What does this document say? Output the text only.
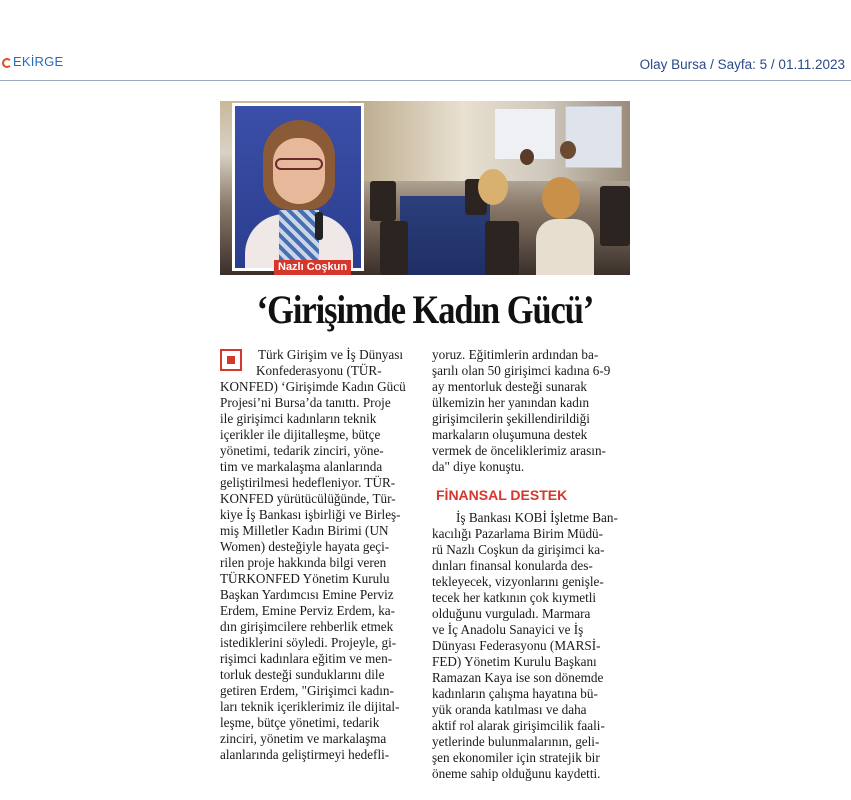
EKİRGE	Olay Bursa / Sayfa: 5 / 01.11.2023
Nazlı Coşkun
‘Girişimde Kadın Gücü’

Türk Girişim ve İş Dünyası

Konfederasyonu (TÜR-

KONFED) ‘Girişimde Kadın Gücü

Projesi’ni Bursa’da tanıttı. Proje

ile girişimci kadınların teknik

içerikler ile dijitalleşme, bütçe

yönetimi, tedarik zinciri, yöne-

tim ve markalaşma alanlarında

geliştirilmesi hedefleniyor. TÜR-

KONFED yürütücülüğünde, Tür-

kiye İş Bankası işbirliği ve Birleş-

miş Milletler Kadın Birimi (UN

Women) desteğiyle hayata geçi-

rilen proje hakkında bilgi veren

TÜRKONFED Yönetim Kurulu

Başkan Yardımcısı Emine Perviz

Erdem, Emine Perviz Erdem, ka-

dın girişimcilere rehberlik etmek

istediklerini söyledi. Projeyle, gi-

rişimci kadınlara eğitim ve men-

torluk desteği sunduklarını dile

getiren Erdem, "Girişimci kadın-

ları teknik içeriklerimiz ile dijital-

leşme, bütçe yönetimi, tedarik

zinciri, yönetim ve markalaşma

alanlarında geliştirmeyi hedefli-

yoruz. Eğitimlerin ardından ba-

şarılı olan 50 girişimci kadına 6-9

ay mentorluk desteği sunarak

ülkemizin her yanından kadın

girişimcilerin şekillendirildiği

markaların oluşumuna destek

vermek de önceliklerimiz arasın-

da" diye konuştu.

FİNANSAL DESTEK

İş Bankası KOBİ İşletme Ban-

kacılığı Pazarlama Birim Müdü-

rü Nazlı Coşkun da girişimci ka-

dınları finansal konularda des-

tekleyecek, vizyonlarını genişle-

tecek her katkının çok kıymetli

olduğunu vurguladı. Marmara

ve İç Anadolu Sanayici ve İş

Dünyası Federasyonu (MARSİ-

FED) Yönetim Kurulu Başkanı

Ramazan Kaya ise son dönemde

kadınların çalışma hayatına bü-

yük oranda katılması ve daha

aktif rol alarak girişimcilik faali-

yetlerinde bulunmalarının, geli-

şen ekonomiler için stratejik bir

öneme sahip olduğunu kaydetti.
